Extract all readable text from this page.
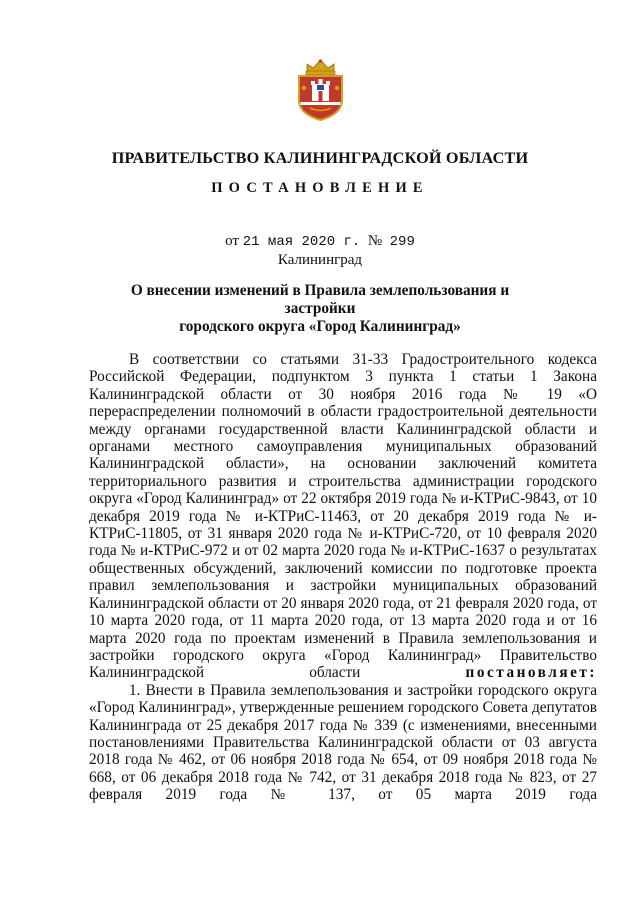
ПРАВИТЕЛЬСТВО КАЛИНИНГРАДСКОЙ ОБЛАСТИ
ПОСТАНОВЛЕНИЕ
от 21 мая 2020 г. № 299
Калининград
О внесении изменений в Правила землепользования и застройки
городского округа «Город Калининград»

В соответствии со статьями 31-33 Градостроительного кодекса Российской Федерации, подпунктом 3 пункта 1 статьи 1 Закона Калининградской области от 30 ноября 2016 года № 19 «О перераспределении полномочий в области градостроительной деятельности между органами государственной власти Калининградской области и органами местного самоуправления муниципальных образований Калининградской области», на основании заключений комитета территориального развития и строительства администрации городского округа «Город Калининград» от 22 октября 2019 года № и-КТРиС-9843, от 10 декабря 2019 года № и-КТРиС-11463, от 20 декабря 2019 года № и-КТРиС-11805, от 31 января 2020 года № и-КТРиС-720, от 10 февраля 2020 года № и-КТРиС-972 и от 02 марта 2020 года № и-КТРиС-1637 о результатах общественных обсуждений, заключений комиссии по подготовке проекта правил землепользования и застройки муниципальных образований Калининградской области от 20 января 2020 года, от 21 февраля 2020 года, от 10 марта 2020 года, от 11 марта 2020 года, от 13 марта 2020 года и от 16 марта 2020 года по проектам изменений в Правила землепользования и застройки городского округа «Город Калининград» Правительство Калининградской области	постановляет:

1. Внести в Правила землепользования и застройки городского округа «Город Калининград», утвержденные решением городского Совета депутатов Калининграда от 25 декабря 2017 года № 339 (с изменениями, внесенными постановлениями Правительства Калининградской области от 03 августа 2018 года № 462, от 06 ноября 2018 года № 654, от 09 ноября 2018 года № 668, от 06 декабря 2018 года № 742, от 31 декабря 2018 года № 823, от 27 февраля 2019 года № 137, от 05 марта 2019 года
